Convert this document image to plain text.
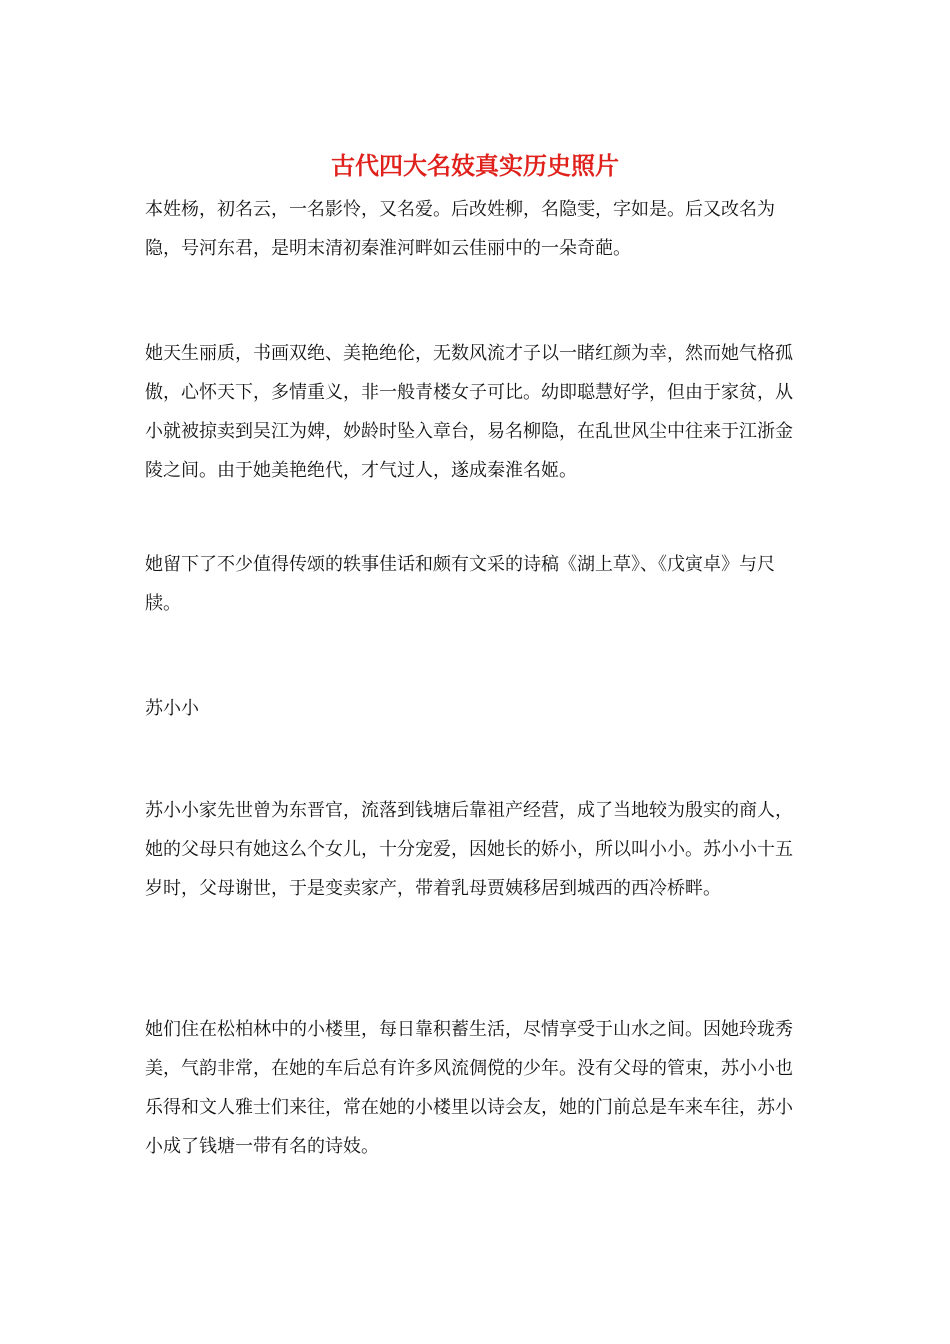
古代四大名妓真实历史照片

本姓杨，初名云，一名影怜，又名爱。后改姓柳，名隐雯，字如是。后又改名为隐，号河东君，是明末清初秦淮河畔如云佳丽中的一朵奇葩。

她天生丽质，书画双绝、美艳绝伦，无数风流才子以一睹红颜为幸，然而她气格孤傲，心怀天下，多情重义，非一般青楼女子可比。幼即聪慧好学，但由于家贫，从小就被掠卖到吴江为婢，妙龄时坠入章台，易名柳隐，在乱世风尘中往来于江浙金陵之间。由于她美艳绝代，才气过人，遂成秦淮名姬。

她留下了不少值得传颂的轶事佳话和颇有文采的诗稿《湖上草》、《戊寅卓》与尺牍。

苏小小

苏小小家先世曾为东晋官，流落到钱塘后靠祖产经营，成了当地较为殷实的商人，她的父母只有她这么个女儿，十分宠爱，因她长的娇小，所以叫小小。苏小小十五岁时，父母谢世，于是变卖家产，带着乳母贾姨移居到城西的西冷桥畔。

她们住在松柏林中的小楼里，每日靠积蓄生活，尽情享受于山水之间。因她玲珑秀美，气韵非常，在她的车后总有许多风流倜傥的少年。没有父母的管束，苏小小也乐得和文人雅士们来往，常在她的小楼里以诗会友，她的门前总是车来车往，苏小小成了钱塘一带有名的诗妓。
